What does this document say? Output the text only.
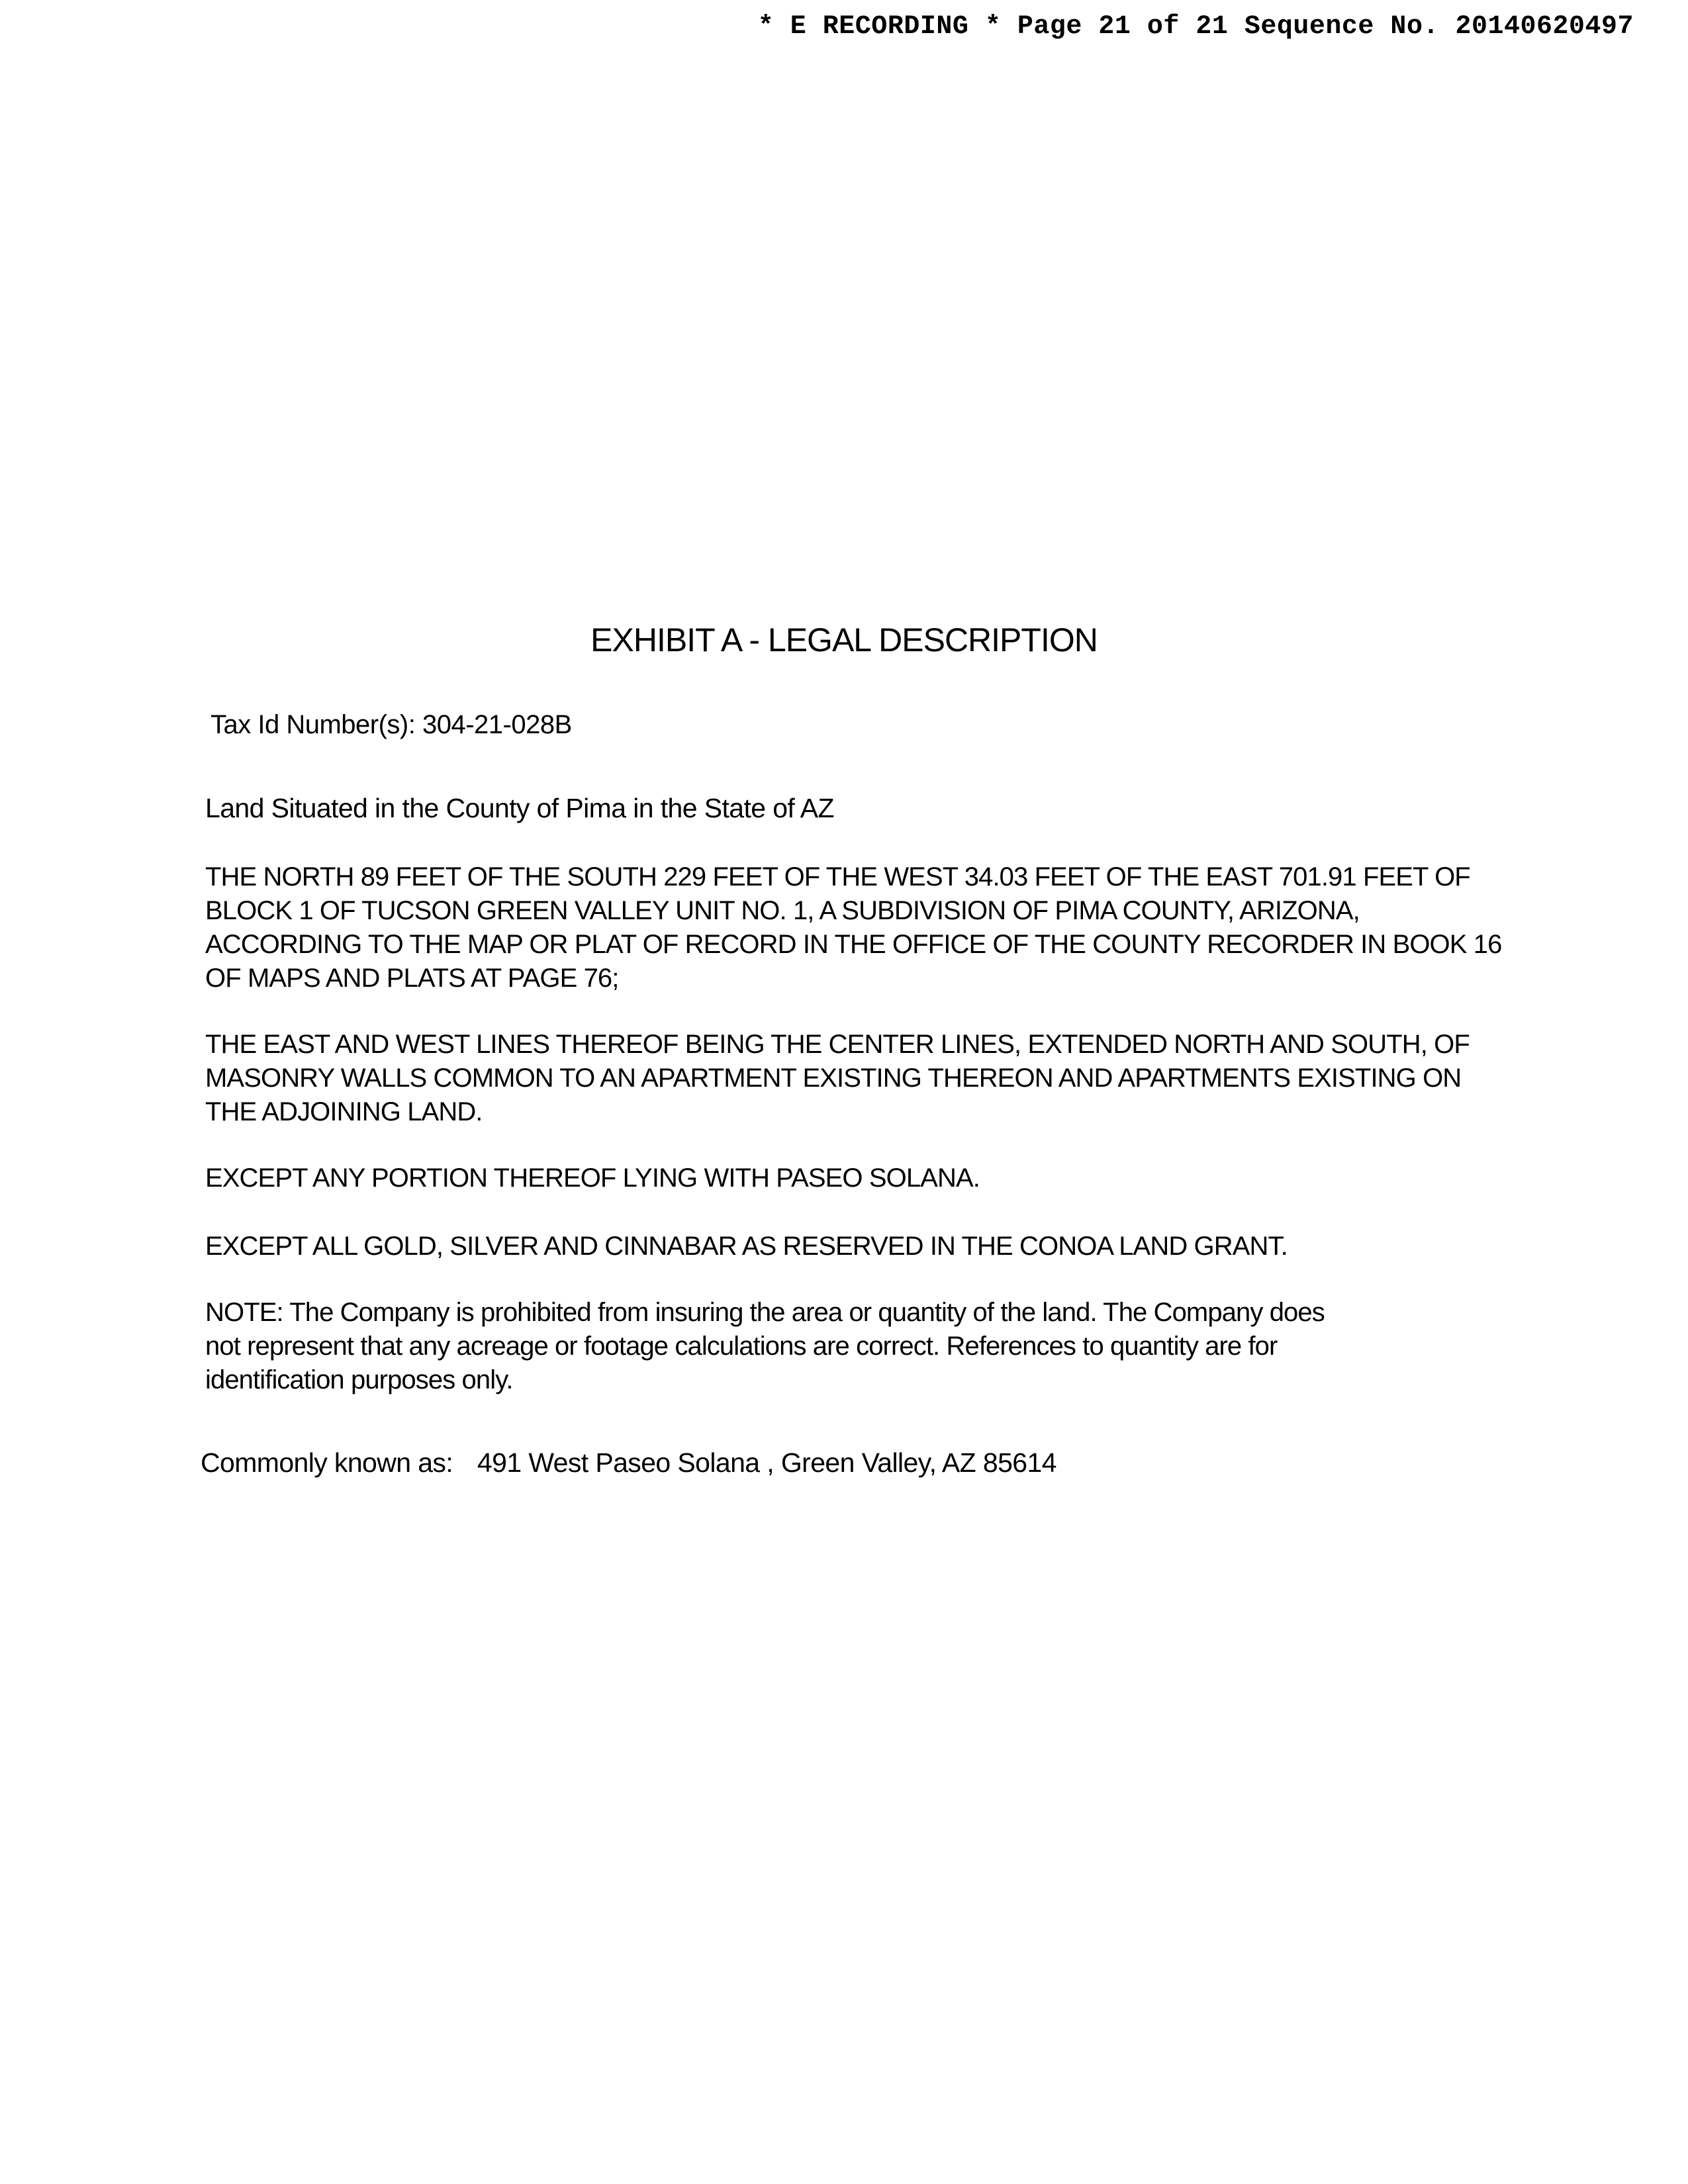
* E RECORDING * Page 21 of 21 Sequence No. 20140620497
EXHIBIT A - LEGAL DESCRIPTION
Tax Id Number(s): 304-21-028B
Land Situated in the County of Pima in the State of AZ

THE NORTH 89 FEET OF THE SOUTH 229 FEET OF THE WEST 34.03 FEET OF THE EAST 701.91 FEET OF
BLOCK 1 OF TUCSON GREEN VALLEY UNIT NO. 1, A SUBDIVISION OF PIMA COUNTY, ARIZONA,
ACCORDING TO THE MAP OR PLAT OF RECORD IN THE OFFICE OF THE COUNTY RECORDER IN BOOK 16
OF MAPS AND PLATS AT PAGE 76;

THE EAST AND WEST LINES THEREOF BEING THE CENTER LINES, EXTENDED NORTH AND SOUTH, OF
MASONRY WALLS COMMON TO AN APARTMENT EXISTING THEREON AND APARTMENTS EXISTING ON
THE ADJOINING LAND.

EXCEPT ANY PORTION THEREOF LYING WITH PASEO SOLANA.

EXCEPT ALL GOLD, SILVER AND CINNABAR AS RESERVED IN THE CONOA LAND GRANT.

NOTE: The Company is prohibited from insuring the area or quantity of the land. The Company does
not represent that any acreage or footage calculations are correct. References to quantity are for
identification purposes only.

Commonly known as: 491 West Paseo Solana , Green Valley, AZ 85614
